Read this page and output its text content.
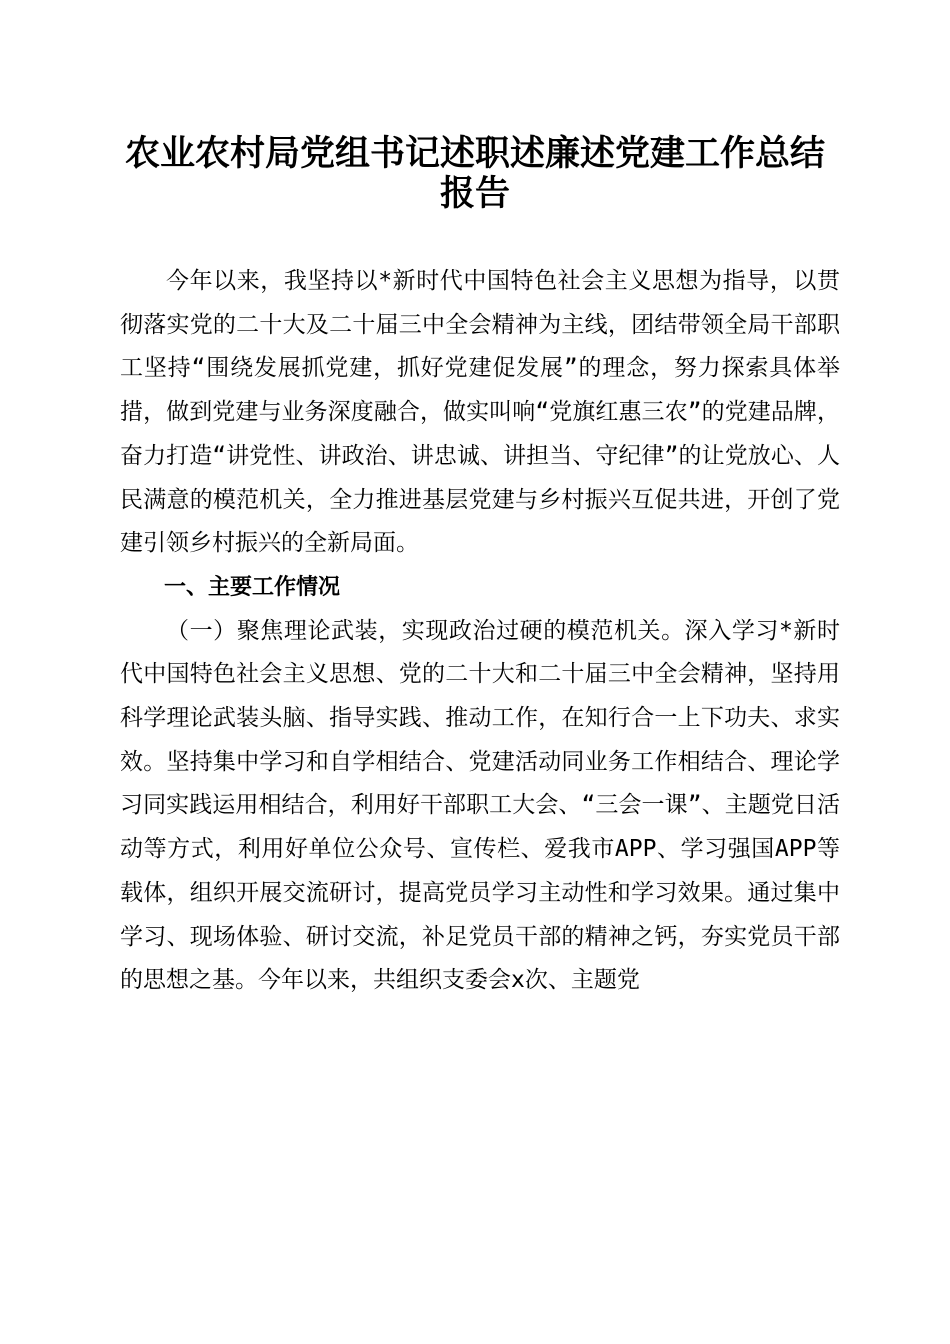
农业农村局党组书记述职述廉述党建工作总结
报告

今年以来，我坚持以*新时代中国特色社会主义思想为指导，以贯彻落实党的二十大及二十届三中全会精神为主线，团结带领全局干部职工坚持“围绕发展抓党建，抓好党建促发展”的理念，努力探索具体举措，做到党建与业务深度融合，做实叫响“党旗红惠三农”的党建品牌，奋力打造“讲党性、讲政治、讲忠诚、讲担当、守纪律”的让党放心、人民满意的模范机关，全力推进基层党建与乡村振兴互促共进，开创了党建引领乡村振兴的全新局面。

一、主要工作情况

（一）聚焦理论武装，实现政治过硬的模范机关。深入学习*新时代中国特色社会主义思想、党的二十大和二十届三中全会精神，坚持用科学理论武装头脑、指导实践、推动工作，在知行合一上下功夫、求实效。坚持集中学习和自学相结合、党建活动同业务工作相结合、理论学习同实践运用相结合，利用好干部职工大会、“三会一课”、主题党日活动等方式，利用好单位公众号、宣传栏、爱我市APP、学习强国APP等载体，组织开展交流研讨，提高党员学习主动性和学习效果。通过集中学习、现场体验、研讨交流，补足党员干部的精神之钙，夯实党员干部的思想之基。今年以来，共组织支委会x次、主题党
